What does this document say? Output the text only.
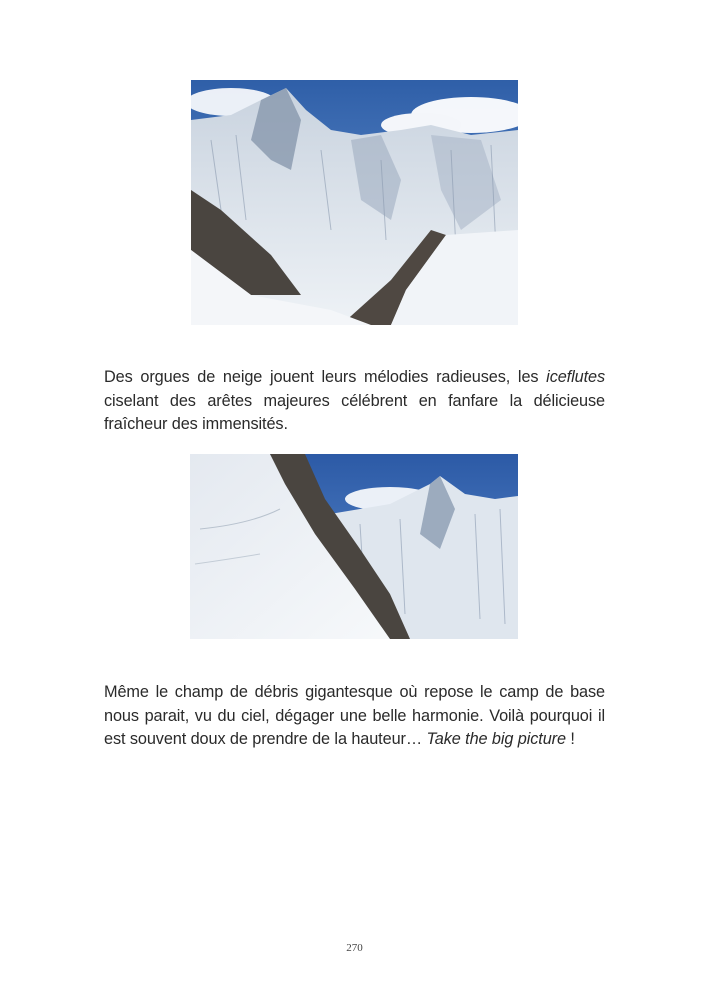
Des orgues de neige jouent leurs mélodies radieuses, les iceflutes ciselant des arêtes majeures célébrent en fanfare la délicieuse fraîcheur des immensités.

Même le champ de débris gigantesque où repose le camp de base nous parait, vu du ciel, dégager une belle harmonie. Voilà pourquoi il est souvent doux de prendre de la hauteur… Take the big picture !

270
